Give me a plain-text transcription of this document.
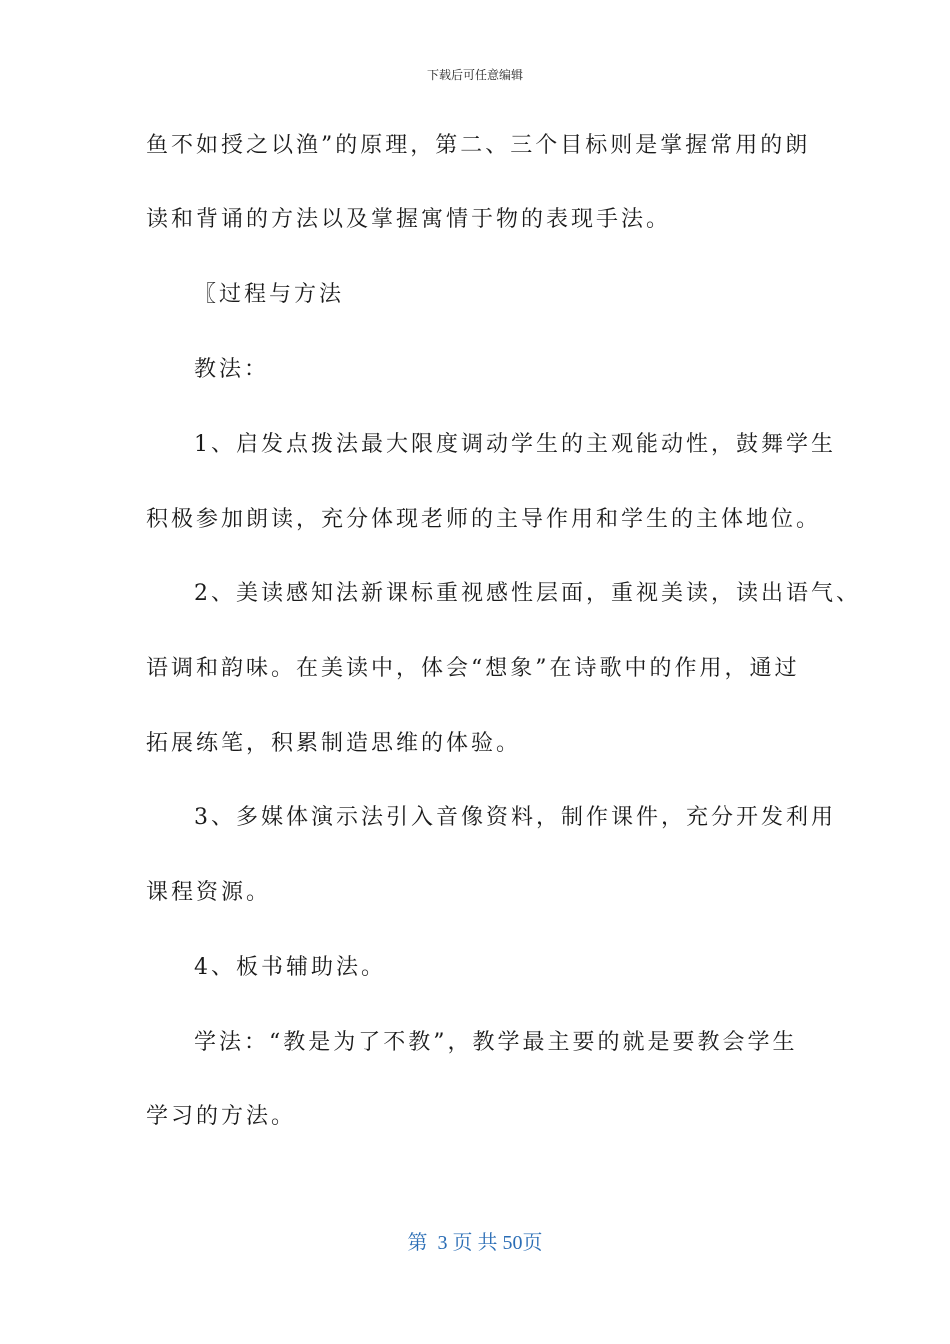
下载后可任意编辑
鱼不如授之以渔”的原理，第二、三个目标则是掌握常用的朗
读和背诵的方法以及掌握寓情于物的表现手法。
〖过程与方法
教法：
1、启发点拨法最大限度调动学生的主观能动性，鼓舞学生
积极参加朗读，充分体现老师的主导作用和学生的主体地位。
2、美读感知法新课标重视感性层面，重视美读，读出语气、
语调和韵味。在美读中，体会“想象”在诗歌中的作用，通过
拓展练笔，积累制造思维的体验。
3、多媒体演示法引入音像资料，制作课件，充分开发利用
课程资源。
4、板书辅助法。
学法：“教是为了不教”，教学最主要的就是要教会学生
学习的方法。
第  3 页 共 50页
